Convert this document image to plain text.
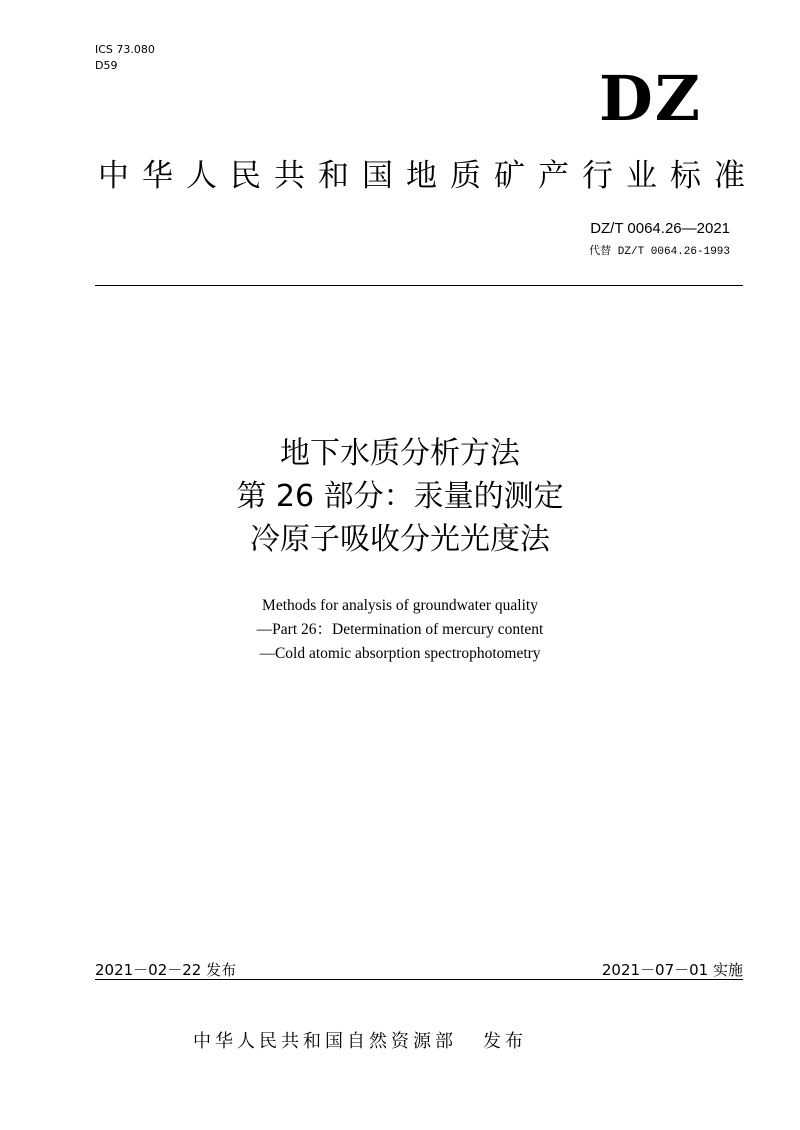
ICS 73.080
D59	DZ
中华人民共和国地质矿产行业标准
DZ/T 0064.26—2021
代替 DZ/T 0064.26-1993
地下水质分析方法
第 26 部分：汞量的测定
冷原子吸收分光光度法
Methods for analysis of groundwater quality
—Part 26：Determination of mercury content
—Cold atomic absorption spectrophotometry
2021－02－22 发布	2021－07－01 实施
中华人民共和国自然资源部 发布
